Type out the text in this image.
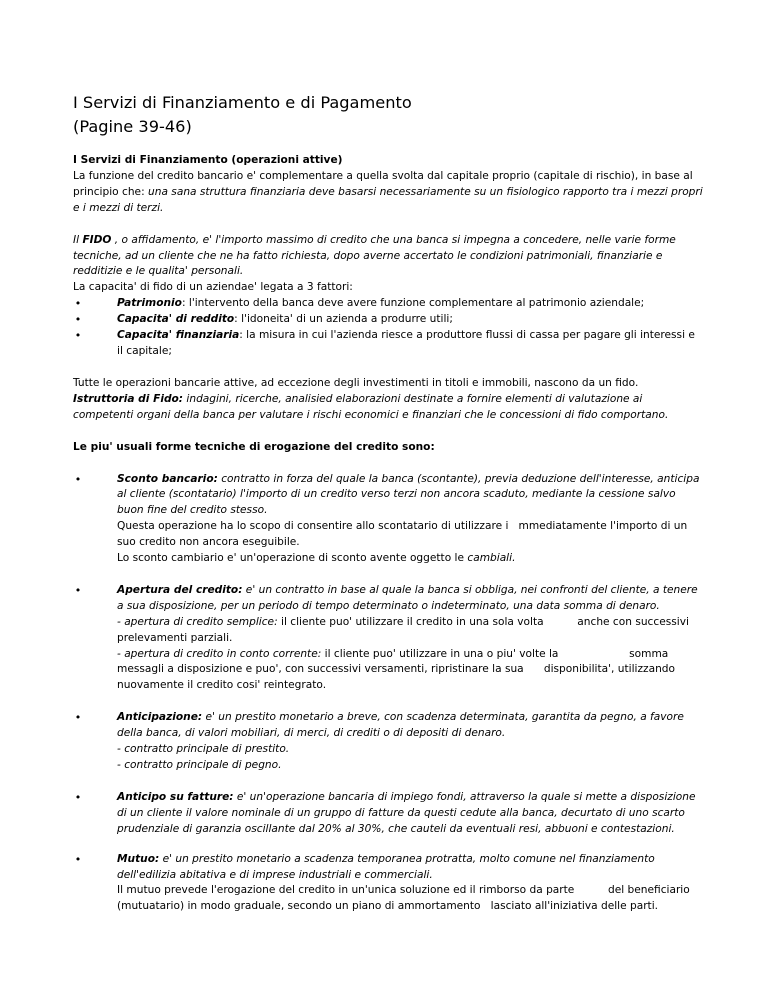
I Servizi di Finanziamento e di Pagamento
(Pagine 39-46)

I Servizi di Finanziamento (operazioni attive)

La funzione del credito bancario e' complementare a quella svolta dal capitale proprio (capitale di rischio), in base al principio che: una sana struttura finanziaria deve basarsi necessariamente su un fisiologico rapporto tra i mezzi propri e i mezzi di terzi.

Il FIDO , o affidamento, e' l'importo massimo di credito che una banca si impegna a concedere, nelle varie forme tecniche, ad un cliente che ne ha fatto richiesta, dopo averne accertato le condizioni patrimoniali, finanziarie e redditizie e le qualita' personali.

La capacita' di fido di un aziendae' legata a 3 fattori:

•	Patrimonio: l'intervento della banca deve avere funzione complementare al patrimonio aziendale;
•	Capacita' di reddito: l'idoneita' di un azienda a produrre utili;
•	Capacita' finanziaria: la misura in cui l'azienda riesce a produttore flussi di cassa per pagare gli interessi e il capitale;

Tutte le operazioni bancarie attive, ad eccezione degli investimenti in titoli e immobili, nascono da un fido.

Istruttoria di Fido: indagini, ricerche, analisied elaborazioni destinate a fornire elementi di valutazione ai competenti organi della banca per valutare i rischi economici e finanziari che le concessioni di fido comportano.

Le piu' usuali forme tecniche di erogazione del credito sono:

•	Sconto bancario: contratto in forza del quale la banca (scontante), previa deduzione dell'interesse, anticipa al cliente (scontatario) l'importo di un credito verso terzi non ancora scaduto, mediante la cessione salvo buon fine del credito stesso.

Questa operazione ha lo scopo di consentire allo scontatario di utilizzare i   mmediatamente l'importo di un suo credito non ancora eseguibile.

Lo sconto cambiario e' un'operazione di sconto avente oggetto le cambiali.

•	Apertura del credito: e' un contratto in base al quale la banca si obbliga, nei confronti del cliente, a tenere a sua disposizione, per un periodo di tempo determinato o indeterminato, una data somma di denaro.

- apertura di credito semplice: il cliente puo' utilizzare il credito in una sola volta          anche con successivi prelevamenti parziali.

- apertura di credito in conto corrente: il cliente puo' utilizzare in una o piu' volte la                     somma messagli a disposizione e puo', con successivi versamenti, ripristinare la sua      disponibilita', utilizzando nuovamente il credito cosi' reintegrato.

•	Anticipazione: e' un prestito monetario a breve, con scadenza determinata, garantita da pegno, a favore della banca, di valori mobiliari, di merci, di crediti o di depositi di denaro.

- contratto principale di prestito.

- contratto principale di pegno.

•	Anticipo su fatture: e' un'operazione bancaria di impiego fondi, attraverso la quale si mette a disposizione di un cliente il valore nominale di un gruppo di fatture da questi cedute alla banca, decurtato di uno scarto prudenziale di garanzia oscillante dal 20% al 30%, che cauteli da eventuali resi, abbuoni e contestazioni.

•	Mutuo: e' un prestito monetario a scadenza temporanea protratta, molto comune nel finanziamento dell'edilizia abitativa e di imprese industriali e commerciali.

Il mutuo prevede l'erogazione del credito in un'unica soluzione ed il rimborso da parte          del beneficiario (mutuatario) in modo graduale, secondo un piano di ammortamento   lasciato all'iniziativa delle parti.
